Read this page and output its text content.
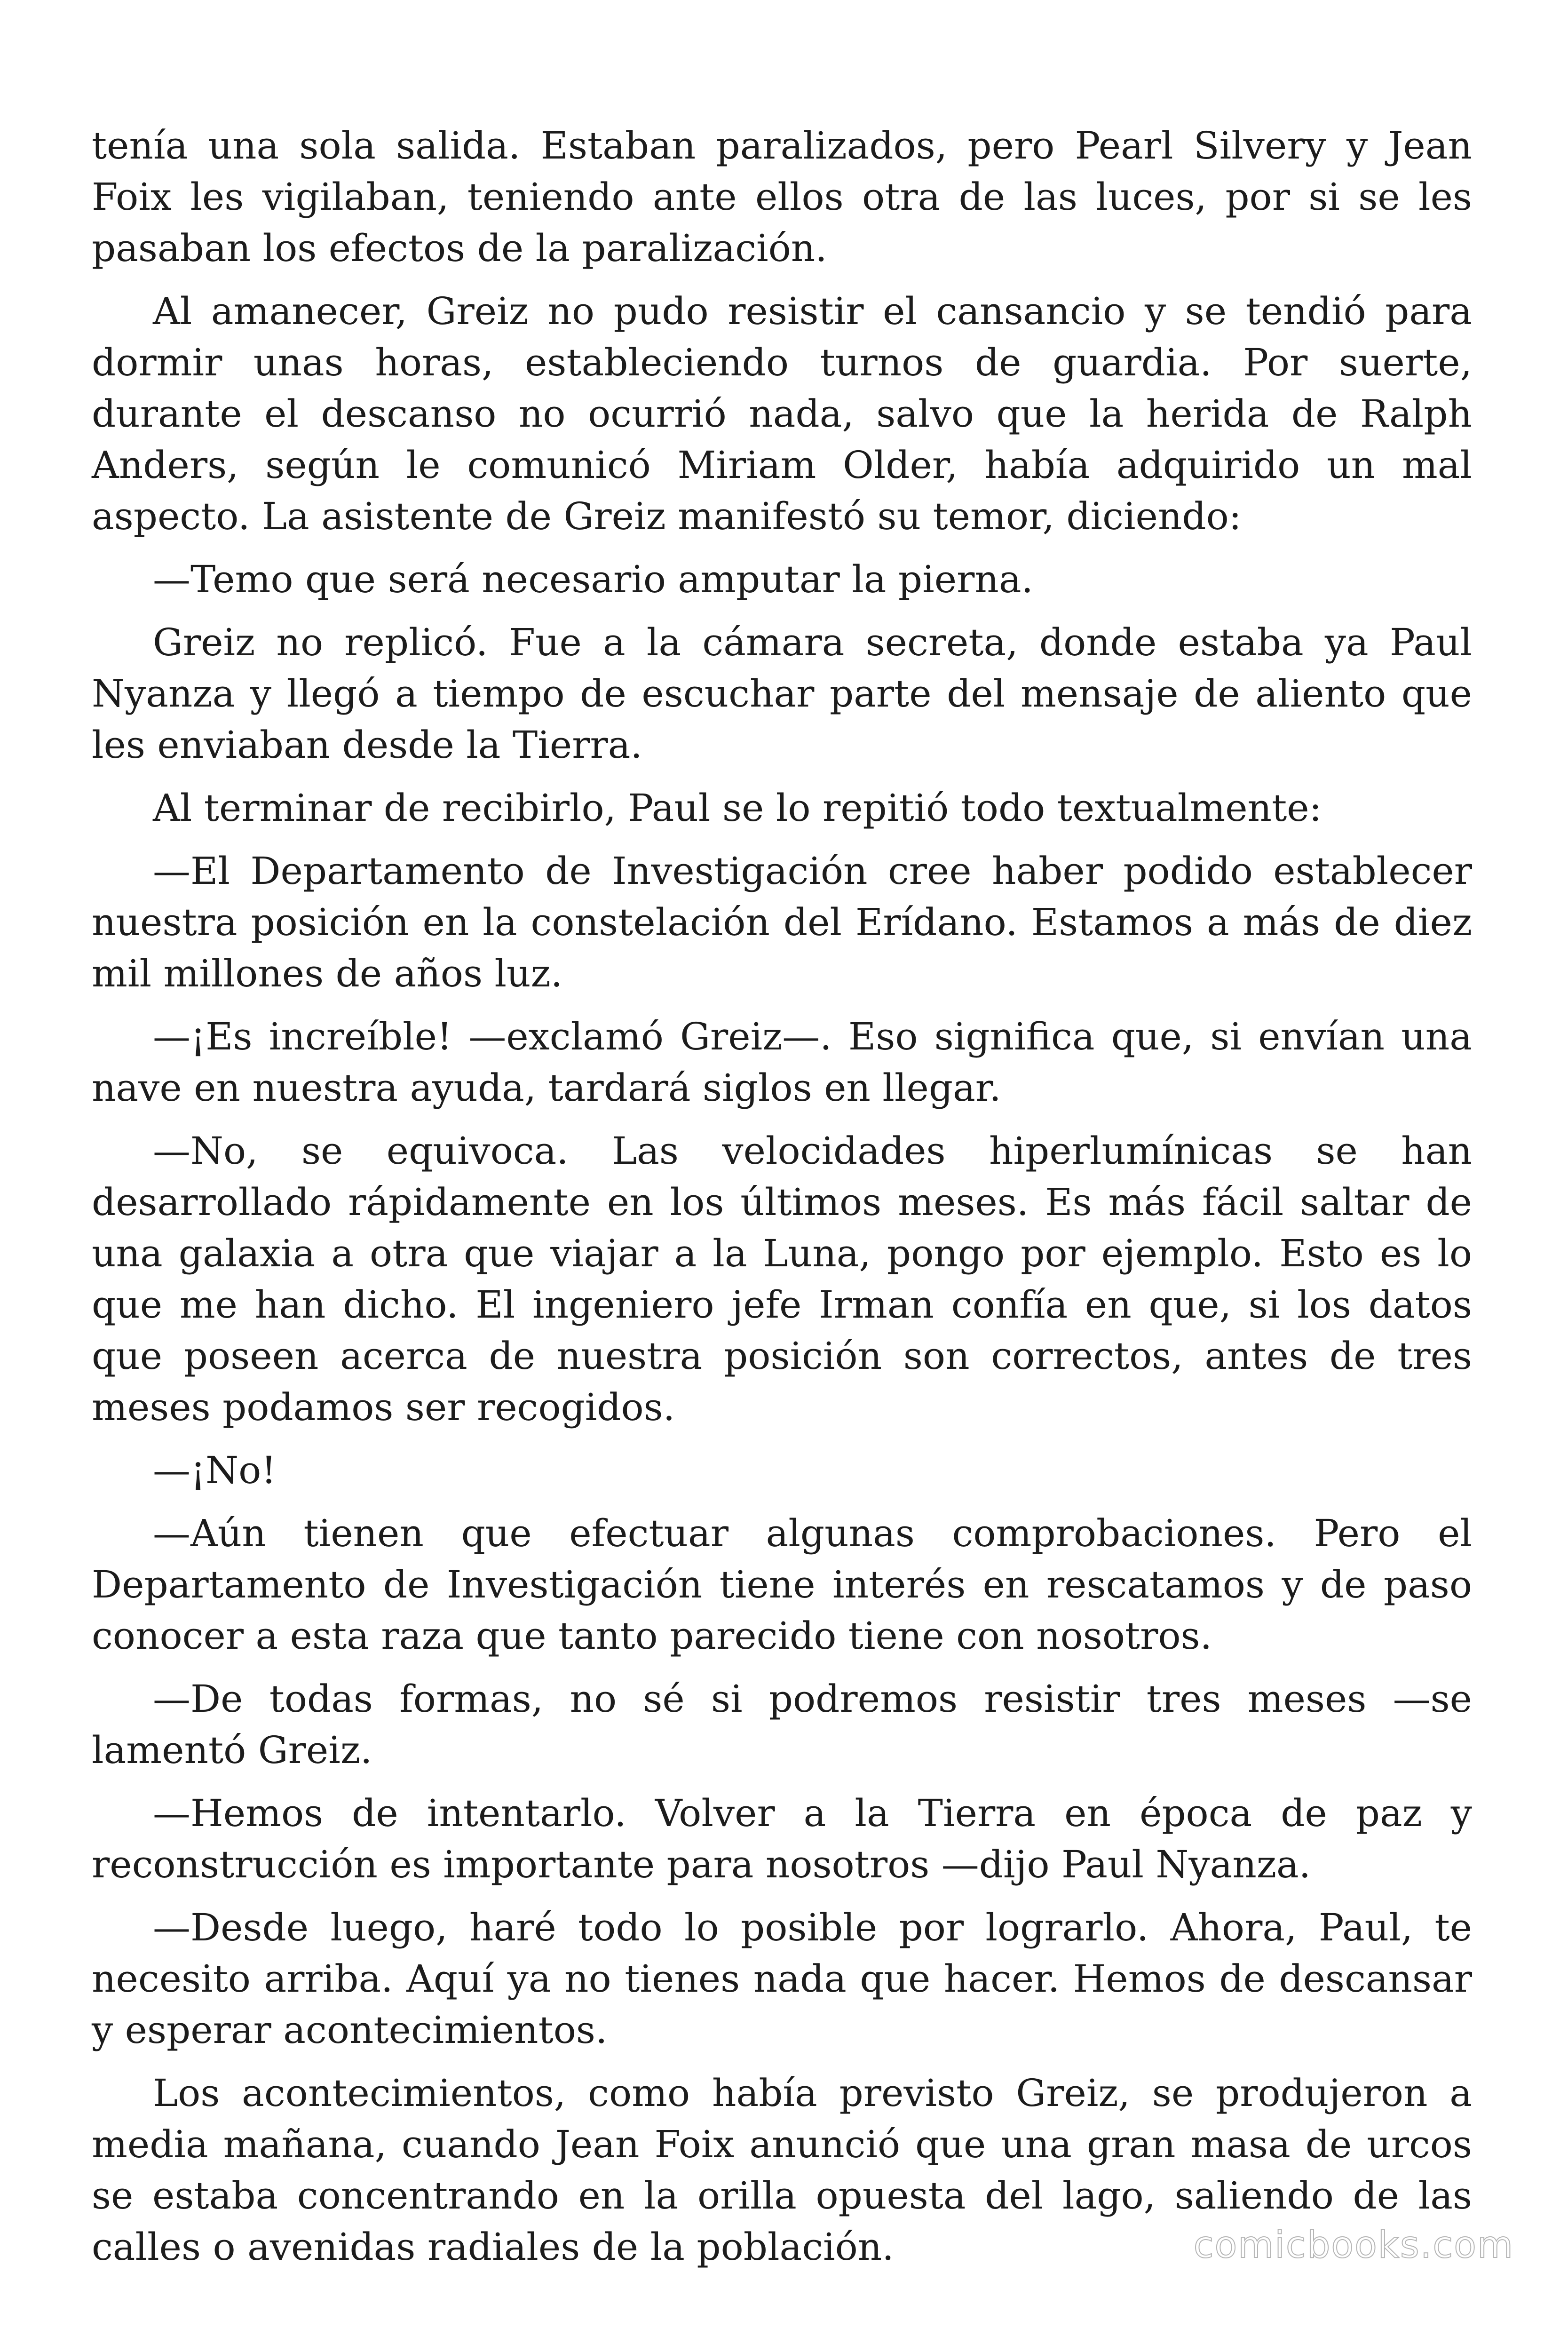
tenía una sola salida. Estaban paralizados, pero Pearl Silvery y Jean Foix les vigilaban, teniendo ante ellos otra de las luces, por si se les pasaban los efectos de la paralización.

Al amanecer, Greiz no pudo resistir el cansancio y se tendió para dormir unas horas, estableciendo turnos de guardia. Por suerte, durante el descanso no ocurrió nada, salvo que la herida de Ralph Anders, según le comunicó Miriam Older, había adquirido un mal aspecto. La asistente de Greiz manifestó su temor, diciendo:

—Temo que será necesario amputar la pierna.

Greiz no replicó. Fue a la cámara secreta, donde estaba ya Paul Nyanza y llegó a tiempo de escuchar parte del mensaje de aliento que les enviaban desde la Tierra.

Al terminar de recibirlo, Paul se lo repitió todo textualmente:

—El Departamento de Investigación cree haber podido establecer nuestra posición en la constelación del Erídano. Estamos a más de diez mil millones de años luz.

—¡Es increíble! —exclamó Greiz—. Eso significa que, si envían una nave en nuestra ayuda, tardará siglos en llegar.

—No, se equivoca. Las velocidades hiperlumínicas se han desarrollado rápidamente en los últimos meses. Es más fácil saltar de una galaxia a otra que viajar a la Luna, pongo por ejemplo. Esto es lo que me han dicho. El ingeniero jefe Irman confía en que, si los datos que poseen acerca de nuestra posición son correctos, antes de tres meses podamos ser recogidos.

—¡No!

—Aún tienen que efectuar algunas comprobaciones. Pero el Departamento de Investigación tiene interés en rescatamos y de paso conocer a esta raza que tanto parecido tiene con nosotros.

—De todas formas, no sé si podremos resistir tres meses —se lamentó Greiz.

—Hemos de intentarlo. Volver a la Tierra en época de paz y reconstrucción es importante para nosotros —dijo Paul Nyanza.

—Desde luego, haré todo lo posible por lograrlo. Ahora, Paul, te necesito arriba. Aquí ya no tienes nada que hacer. Hemos de descansar y esperar acontecimientos.

Los acontecimientos, como había previsto Greiz, se produjeron a media mañana, cuando Jean Foix anunció que una gran masa de urcos se estaba concentrando en la orilla opuesta del lago, saliendo de las calles o avenidas radiales de la población.	comicbooks.com
